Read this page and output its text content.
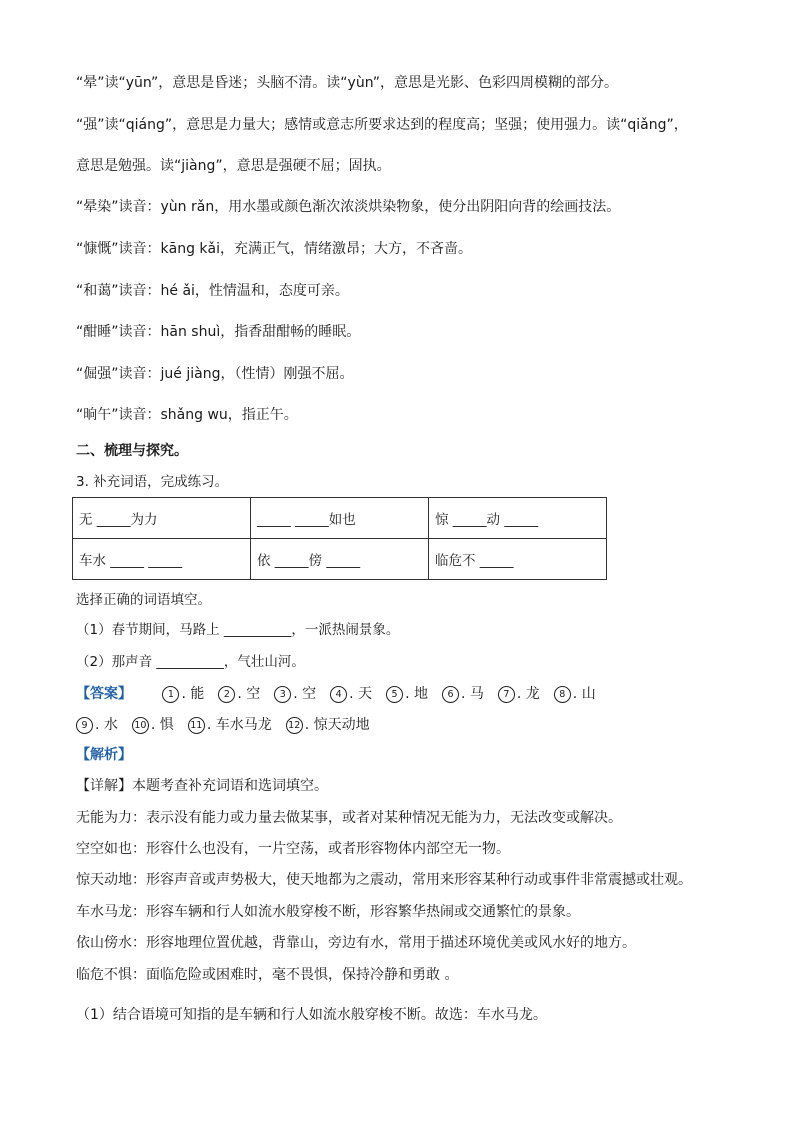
“晕”读“yūn”，意思是昏迷；头脑不清。读“yùn”，意思是光影、色彩四周模糊的部分。
“强”读“qiáng”，意思是力量大；感情或意志所要求达到的程度高；坚强；使用强力。读“qiǎng”，
意思是勉强。读“jiàng”，意思是强硬不屈；固执。
“晕染”读音：yùn rǎn，用水墨或颜色渐次浓淡烘染物象，使分出阴阳向背的绘画技法。
“慷慨”读音：kāng kǎi，充满正气，情绪激昂；大方，不吝啬。
“和蔼”读音：hé ǎi，性情温和，态度可亲。
“酣睡”读音：hān shuì，指香甜酣畅的睡眠。
“倔强”读音：jué jiàng，（性情）刚强不屈。
“晌午”读音：shǎng wu，指正午。
二、梳理与探究。
3. 补充词语，完成练习。
无 _____为力	_____ _____如也	惊 _____动 _____
车水 _____ _____	依 _____傍 _____	临危不 _____
选择正确的词语填空。
（1）春节期间，马路上 __________，一派热闹景象。
（2）那声音 __________，气壮山河。
【答案】	1 . 能 2 . 空 3 . 空 4 . 天 5 . 地 6 . 马 7 . 龙 8 . 山
9 . 水 10 . 惧 11 . 车水马龙 12 . 惊天动地
【解析】
【详解】本题考查补充词语和选词填空。
无能为力：表示没有能力或力量去做某事，或者对某种情况无能为力，无法改变或解决。
空空如也：形容什么也没有，一片空荡，或者形容物体内部空无一物。
惊天动地：形容声音或声势极大，使天地都为之震动，常用来形容某种行动或事件非常震撼或壮观。
车水马龙：形容车辆和行人如流水般穿梭不断，形容繁华热闹或交通繁忙的景象。
依山傍水：形容地理位置优越，背靠山，旁边有水，常用于描述环境优美或风水好的地方。
临危不惧：面临危险或困难时，毫不畏惧，保持冷静和勇敢 。
（1）结合语境可知指的是车辆和行人如流水般穿梭不断。故选：车水马龙。
